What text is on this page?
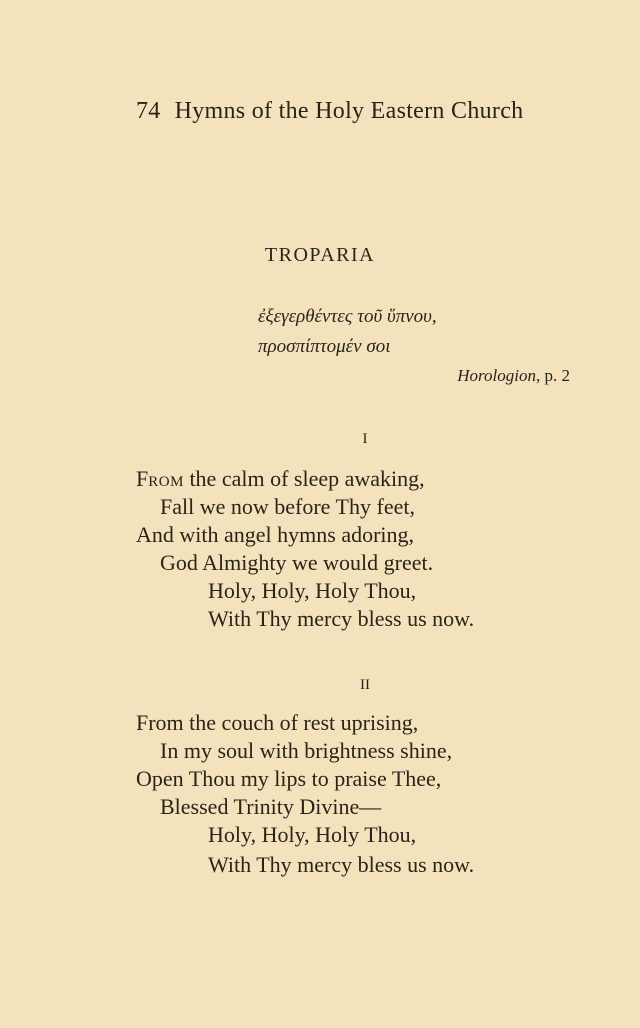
74 Hymns of the Holy Eastern Church
TROPARIA
ἐξεγερθέντες τοῦ ὕπνου,
προσπίπτομέν σοι
Horologion, p. 2
I
FROM the calm of sleep awaking,
Fall we now before Thy feet,
And with angel hymns adoring,
God Almighty we would greet.
Holy, Holy, Holy Thou,
With Thy mercy bless us now.
II
From the couch of rest uprising,
In my soul with brightness shine,
Open Thou my lips to praise Thee,
Blessed Trinity Divine—
Holy, Holy, Holy Thou,
With Thy mercy bless us now.
